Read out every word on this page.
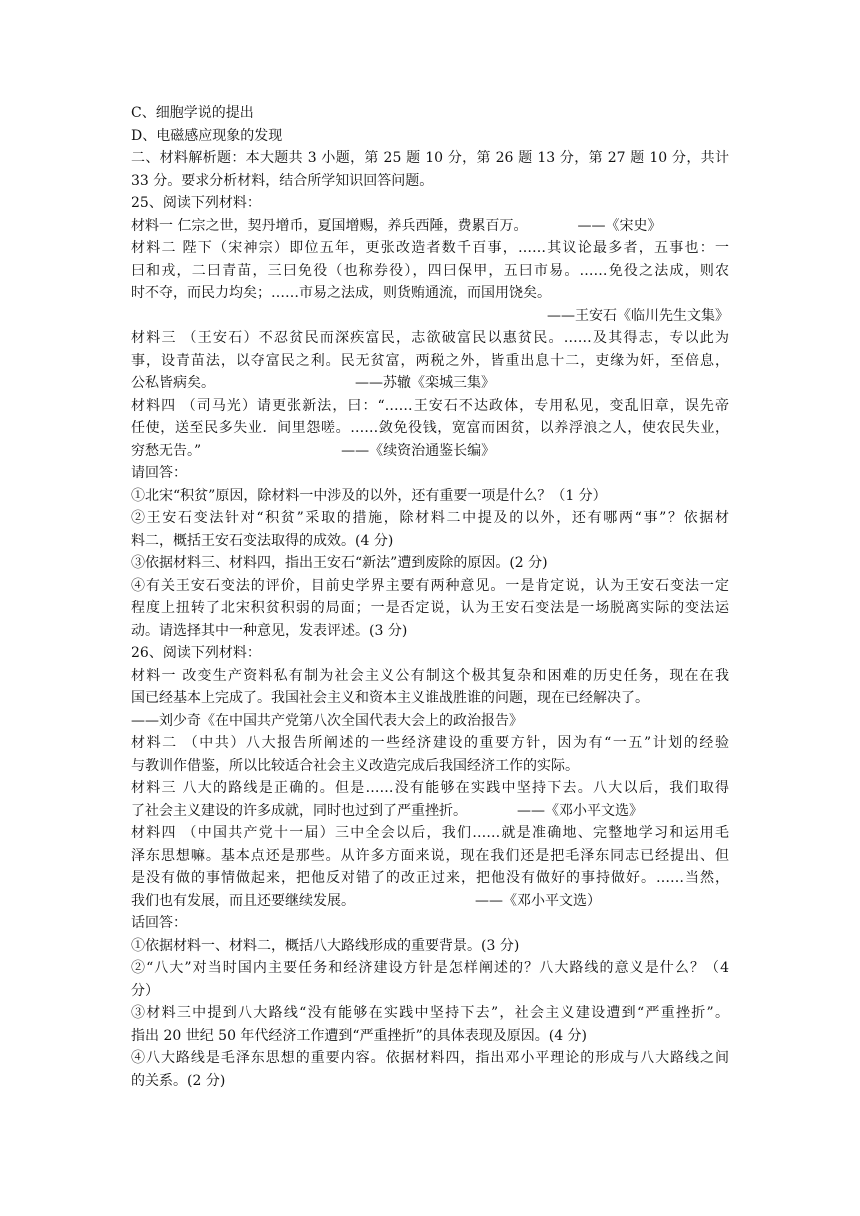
C、细胞学说的提出
D、电磁感应现象的发现
二、材料解析题：本大题共 3 小题，第 25 题 10 分，第 26 题 13 分，第 27 题 10 分，共计
33 分。要求分析材料，结合所学知识回答问题。
25、阅读下列材料：
材料一 仁宗之世，契丹增币，夏国增赐，养兵西陲，费累百万。	——《宋史》
材料二 陛下（宋神宗）即位五年，更张改造者数千百事，……其议论最多者，五事也：一
曰和戎，二曰青苗，三曰免役（也称券役），四曰保甲，五曰市易。……免役之法成，则农
时不夺，而民力均矣；……市易之法成，则货贿通流，而国用饶矣。
——王安石《临川先生文集》
材料三 （王安石）不忍贫民而深疾富民，志欲破富民以惠贫民。……及其得志，专以此为
事，设青苗法，以夺富民之利。民无贫富，两税之外，皆重出息十二，吏缘为奸，至倍息，
公私皆病矣。	——苏辙《栾城三集》
材料四 （司马光）请更张新法，曰：“……王安石不达政体，专用私见，变乱旧章，误先帝
任使，送至民多失业．间里怨嗟。……敛免役钱，宽富而困贫，以养浮浪之人，使农民失业，
穷愁无告。”	——《续资治通鉴长编》
请回答：
①北宋“积贫”原因，除材料一中涉及的以外，还有重要一项是什么？（1 分）
②王安石变法针对“积贫”采取的措施，除材料二中提及的以外，还有哪两“事”？依据材
料二，概括王安石变法取得的成效。(4 分)
③依据材料三、材料四，指出王安石“新法”遭到废除的原因。(2 分)
④有关王安石变法的评价，目前史学界主要有两种意见。一是肯定说，认为王安石变法一定
程度上扭转了北宋积贫积弱的局面；一是否定说，认为王安石变法是一场脱离实际的变法运
动。请选择其中一种意见，发表评述。(3 分)
26、阅读下列材料：
材料一 改变生产资料私有制为社会主义公有制这个极其复杂和困难的历史任务，现在在我
国已经基本上完成了。我国社会主义和资本主义谁战胜谁的问题，现在已经解决了。
——刘少奇《在中国共产党第八次全国代表大会上的政治报告》
材料二 （中共）八大报告所阐述的一些经济建设的重要方针，因为有“一五”计划的经验
与教训作借鉴，所以比较适合社会主义改造完成后我国经济工作的实际。
材料三 八大的路线是正确的。但是……没有能够在实践中坚持下去。八大以后，我们取得
了社会主义建设的许多成就，同时也过到了严重挫折。	——《邓小平文选》
材料四 （中国共产党十一届）三中全会以后，我们……就是准确地、完整地学习和运用毛
泽东思想嘛。基本点还是那些。从许多方面来说，现在我们还是把毛泽东同志已经提出、但
是没有做的事情做起来，把他反对错了的改正过来，把他没有做好的事持做好。……当然，
我们也有发展，而且还要继续发展。	——《邓小平文选）
话回答：
①依据材料一、材料二，概括八大路线形成的重要背景。(3 分)
②“八大”对当时国内主要任务和经济建设方针是怎样阐述的？八大路线的意义是什么？（4
分）
③材料三中提到八大路线“没有能够在实践中坚持下去”，社会主义建设遭到“严重挫折”。
指出 20 世纪 50 年代经济工作遭到“严重挫折”的具体表现及原因。(4 分)
④八大路线是毛泽东思想的重要内容。依据材料四，指出邓小平理论的形成与八大路线之间
的关系。(2 分)
